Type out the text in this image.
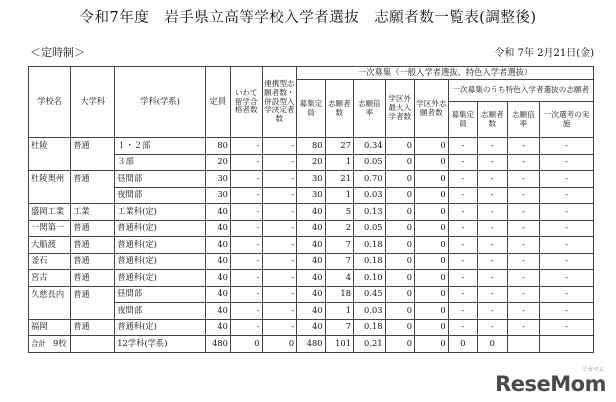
令和7年度　岩手県立高等学校入学者選抜　志願者数一覧表(調整後)
＜定時制＞	令和 7年 2月21日(金)
学校名	大学科	学科(学系)	定員	いわて留学合格者数	連携型志願者数・併設型入学決定者数	一次募集（一般入学者選抜、特色入学者選抜）								
						募集定員	志願者数	志願倍率	学区外最大入学者数	学区外志願者数	一次募集のうち特色入学者選抜の志願者			
											募集定員	志願者数	志願倍率	一次選考の実施
杜陵	普通	１・２部	80	-	-	80	27	0.34	0	0	-	-	-	-
		３部	20	-	-	20	1	0.05	0	0	-	-	-	-
杜陵奥州	普通	昼間部	30	-	-	30	21	0.70	0	0	-	-	-	-
		夜間部	30	-	-	30	1	0.03	0	0	-	-	-	-
盛岡工業	工業	工業科(定)	40	-	-	40	5	0.13	0	0	-	-	-	-
一関第一	普通	普通科(定)	40	-	-	40	2	0.05	0	0	-	-	-	-
大船渡	普通	普通科(定)	40	-	-	40	7	0.18	0	0	-	-	-	-
釜石	普通	普通科(定)	40	-	-	40	7	0.18	0	0	-	-	-	-
宮古	普通	普通科(定)	40	-	-	40	4	0.10	0	0	-	-	-	-
久慈長内	普通	昼間部	40	-	-	40	18	0.45	0	0	-	-	-	-
		夜間部	40	-	-	40	1	0.03	0	0	-	-	-	-
福岡	普通	普通科(定)	40	-	-	40	7	0.18	0	0	-	-	-	-
合計 9校		12学科(学系)	480	0	0	480	101	0.21	0	0	0	0		
ReseMom
リセマム
